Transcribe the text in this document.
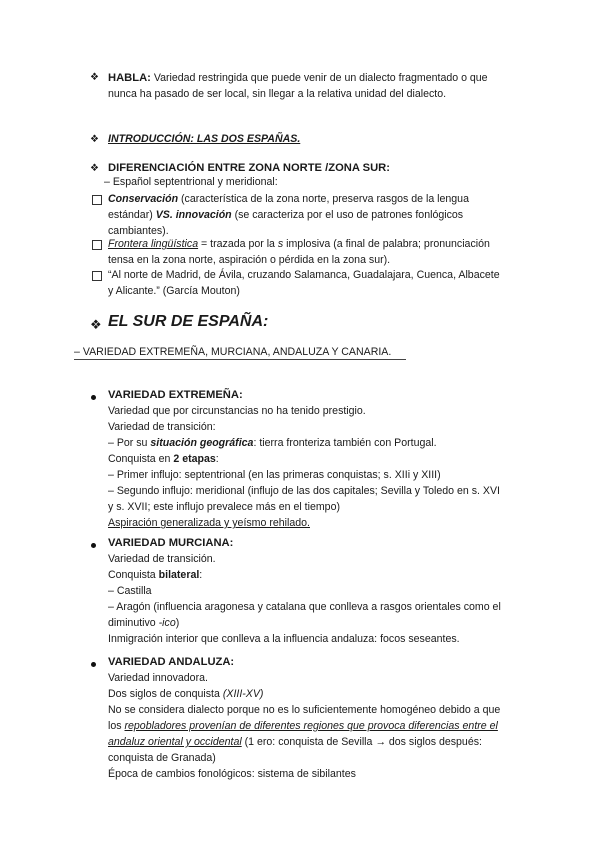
❖ HABLA: Variedad restringida que puede venir de un dialecto fragmentado o que
nunca ha pasado de ser local, sin llegar a la relativa unidad del dialecto.
❖ INTRODUCCIÓN: LAS DOS ESPAÑAS.
❖ DIFERENCIACIÓN ENTRE ZONA NORTE /ZONA SUR:
– Español septentrional y meridional:
Conservación (característica de la zona norte, preserva rasgos de la lengua
estándar) VS. innovación (se caracteriza por el uso de patrones fonlógicos
cambiantes).
Frontera lingüística = trazada por la s implosiva (a final de palabra; pronunciación
tensa en la zona norte, aspiración o pérdida en la zona sur).
“Al norte de Madrid, de Ávila, cruzando Salamanca, Guadalajara, Cuenca, Albacete
y Alicante.” (García Mouton)
❖ EL SUR DE ESPAÑA:
– VARIEDAD EXTREMEÑA, MURCIANA, ANDALUZA Y CANARIA.
VARIEDAD EXTREMEÑA:
Variedad que por circunstancias no ha tenido prestigio.
Variedad de transición:
– Por su situación geográfica: tierra fronteriza también con Portugal.
Conquista en 2 etapas:
– Primer influjo: septentrional (en las primeras conquistas; s. XIIi y XIII)
– Segundo influjo: meridional (influjo de las dos capitales; Sevilla y Toledo en s. XVI
y s. XVII; este influjo prevalece más en el tiempo)
Aspiración generalizada y yeísmo rehilado.
VARIEDAD MURCIANA:
Variedad de transición.
Conquista bilateral:
– Castilla
– Aragón (influencia aragonesa y catalana que conlleva a rasgos orientales como el
diminutivo -ico)
Inmigración interior que conlleva a la influencia andaluza: focos seseantes.
VARIEDAD ANDALUZA:
Variedad innovadora.
Dos siglos de conquista (XIII-XV)
No se considera dialecto porque no es lo suficientemente homogéneo debido a que
los repobladores provenían de diferentes regiones que provoca diferencias entre el
andaluz oriental y occidental (1 ero: conquista de Sevilla → dos siglos después:
conquista de Granada)
Época de cambios fonológicos: sistema de sibilantes
